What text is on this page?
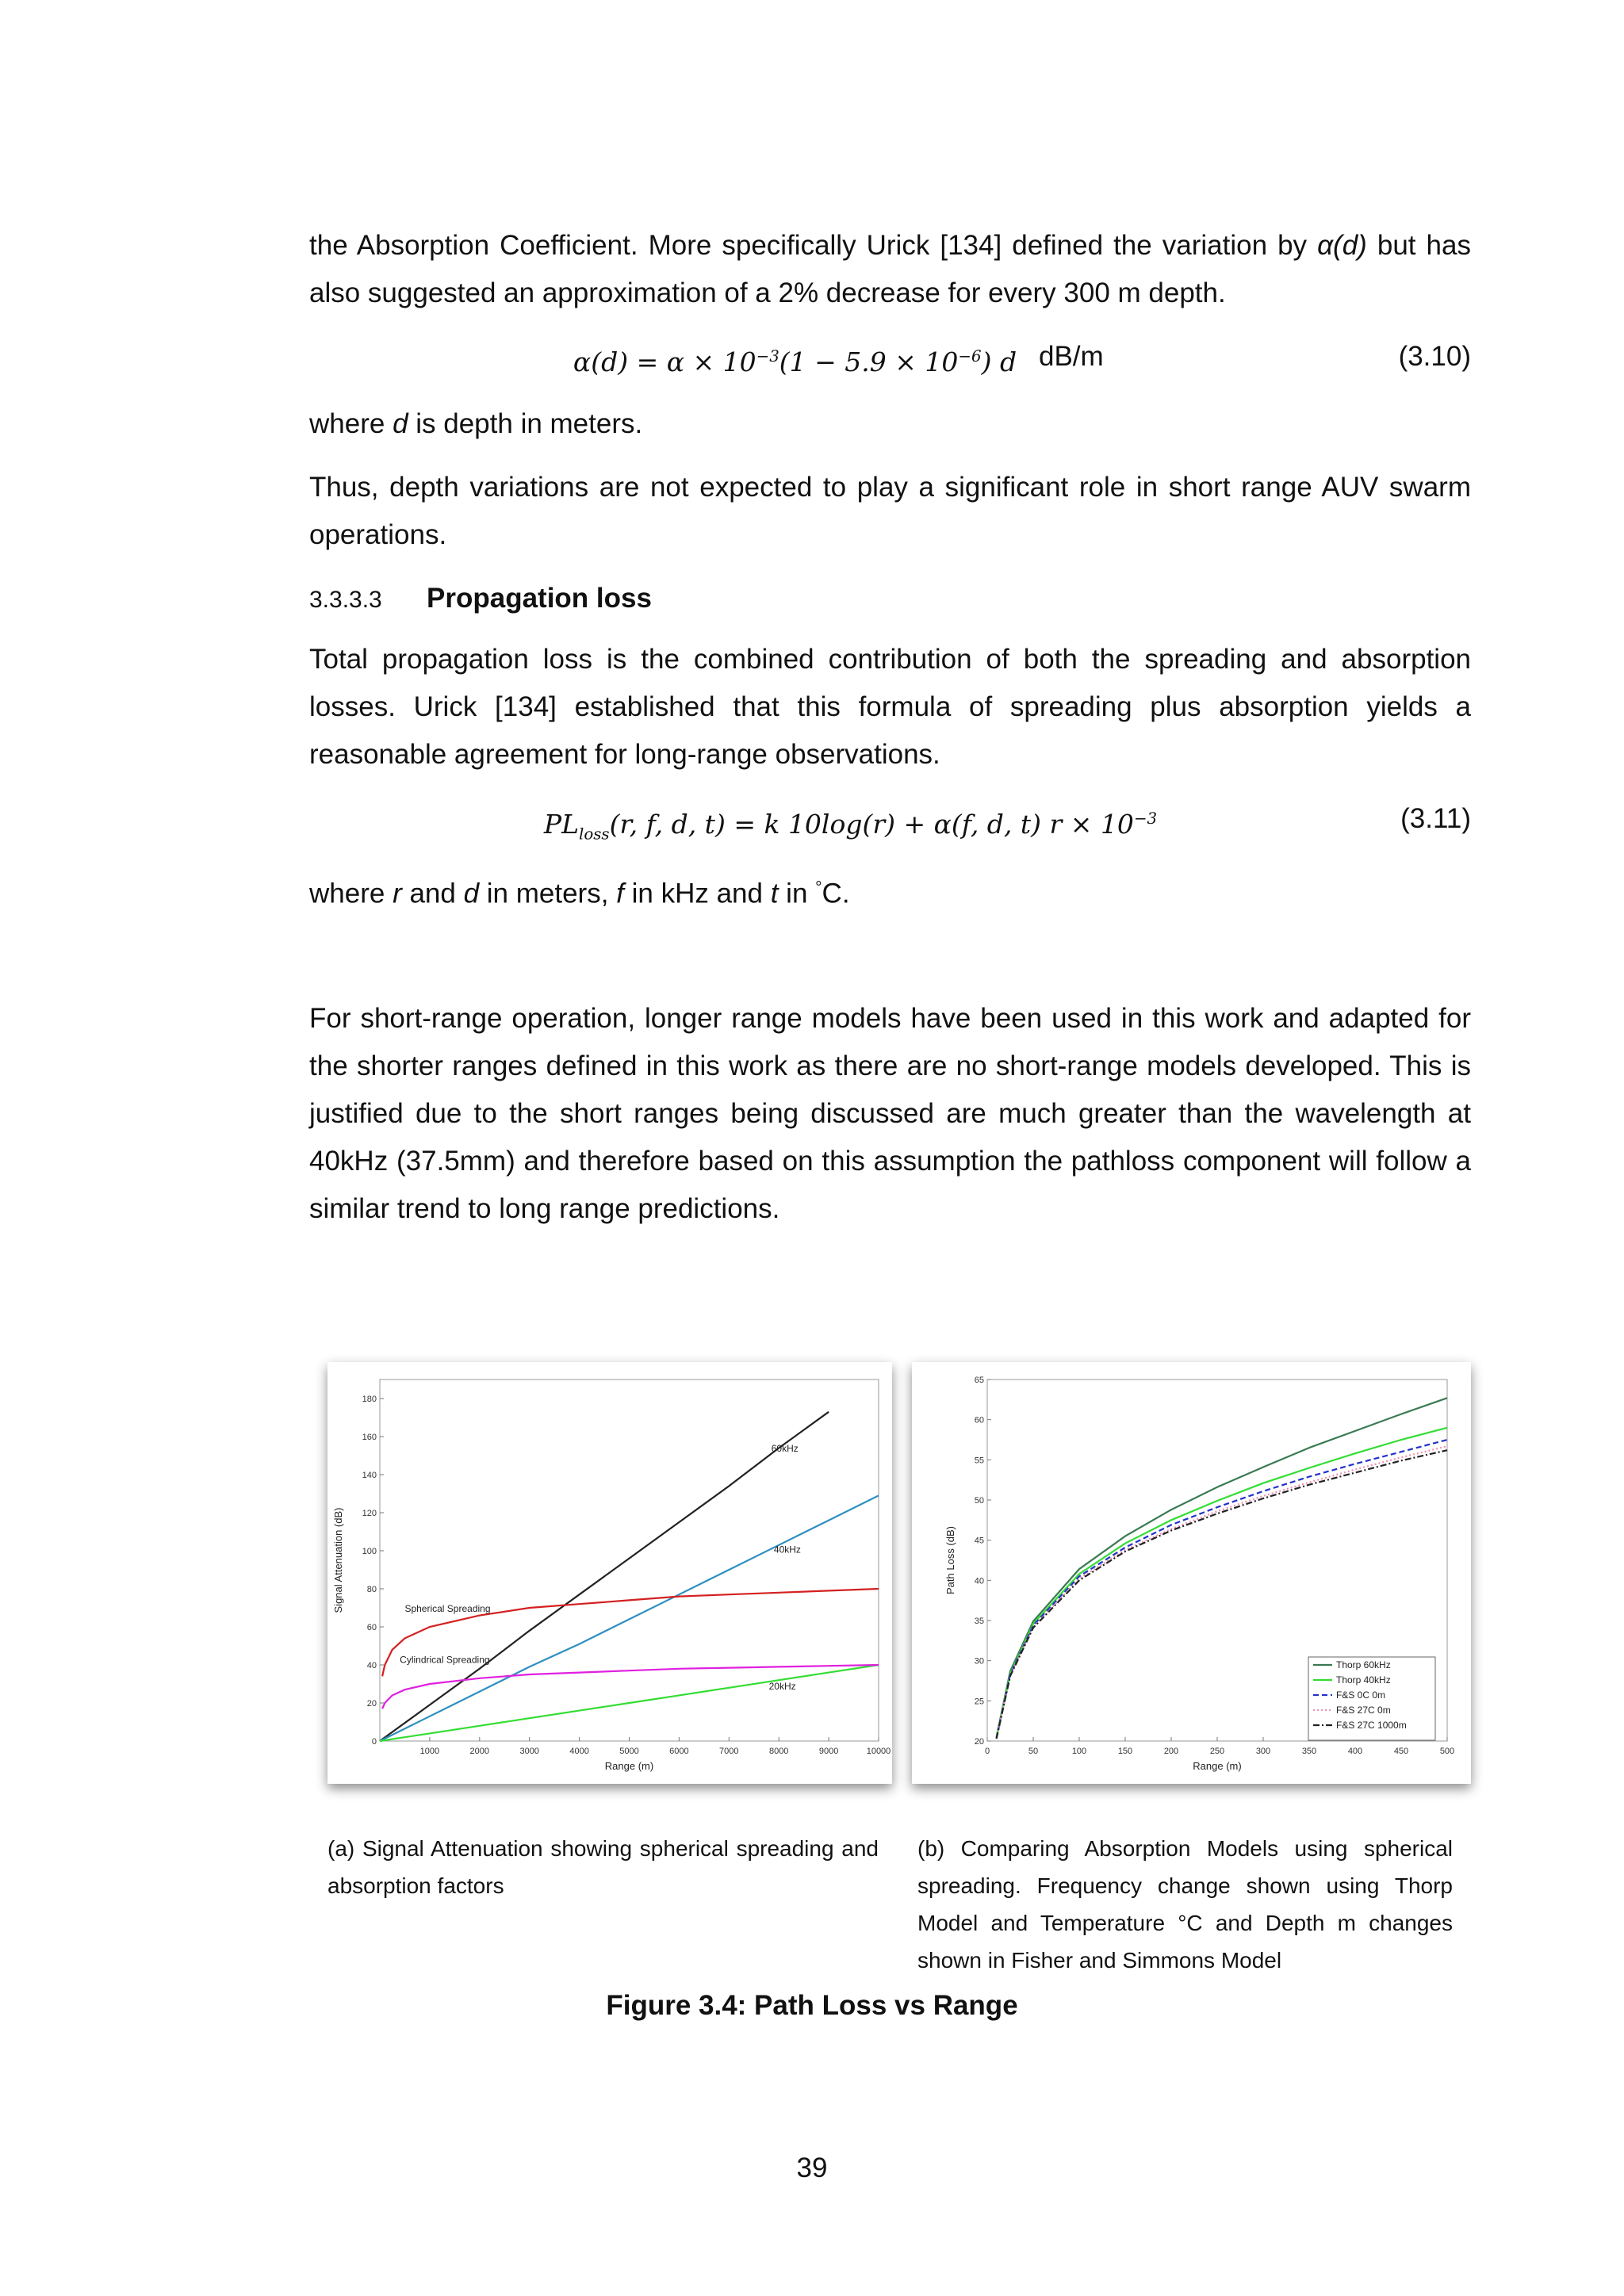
the Absorption Coefficient. More specifically Urick [134] defined the variation by α(d) but has also suggested an approximation of a 2% decrease for every 300 m depth.

$\alpha(d) = \alpha \times 10^{-3}(1 - 5.9 \times 10^{-6})$ d dB/m	(3.10)

where d is depth in meters.

Thus, depth variations are not expected to play a significant role in short range AUV swarm operations.

3.3.3.3 Propagation loss

Total propagation loss is the combined contribution of both the spreading and absorption losses. Urick [134] established that this formula of spreading plus absorption yields a reasonable agreement for long-range observations.

$PL_{loss}(r$, f, d, t) = k 10log(r) + α(f, d, t) $r \times 10^{-3}$	(3.11)

where r and d in meters, f in kHz and t in °C.

For short-range operation, longer range models have been used in this work and adapted for the shorter ranges defined in this work as there are no short-range models developed. This is justified due to the short ranges being discussed are much greater than the wavelength at 40kHz (37.5mm) and therefore based on this assumption the pathloss component will follow a similar trend to long range predictions.

1000	2000	3000	4000	5000	6000	7000	8000	9000	10000
0
20
40
60
80
100
120
140
160
180
Range (m)
Signal Attenuation (dB)
60kHz
40kHz
20kHz
Spherical Spreading
Cylindrical Spreading
0	50	100	150	200	250	300	350	400	450	500
20
25
30
35
40
45
50
55
60
65
Range (m)
Path Loss (dB)
Thorp 60kHz
Thorp 40kHz
F&S 0C 0m
F&S 27C 0m
F&S 27C 1000m
(a) Signal Attenuation showing spherical spreading and absorption factors
(b) Comparing Absorption Models using spherical spreading. Frequency change shown using Thorp Model and Temperature °C and Depth m changes shown in Fisher and Simmons Model
Figure 3.4: Path Loss vs Range
39
